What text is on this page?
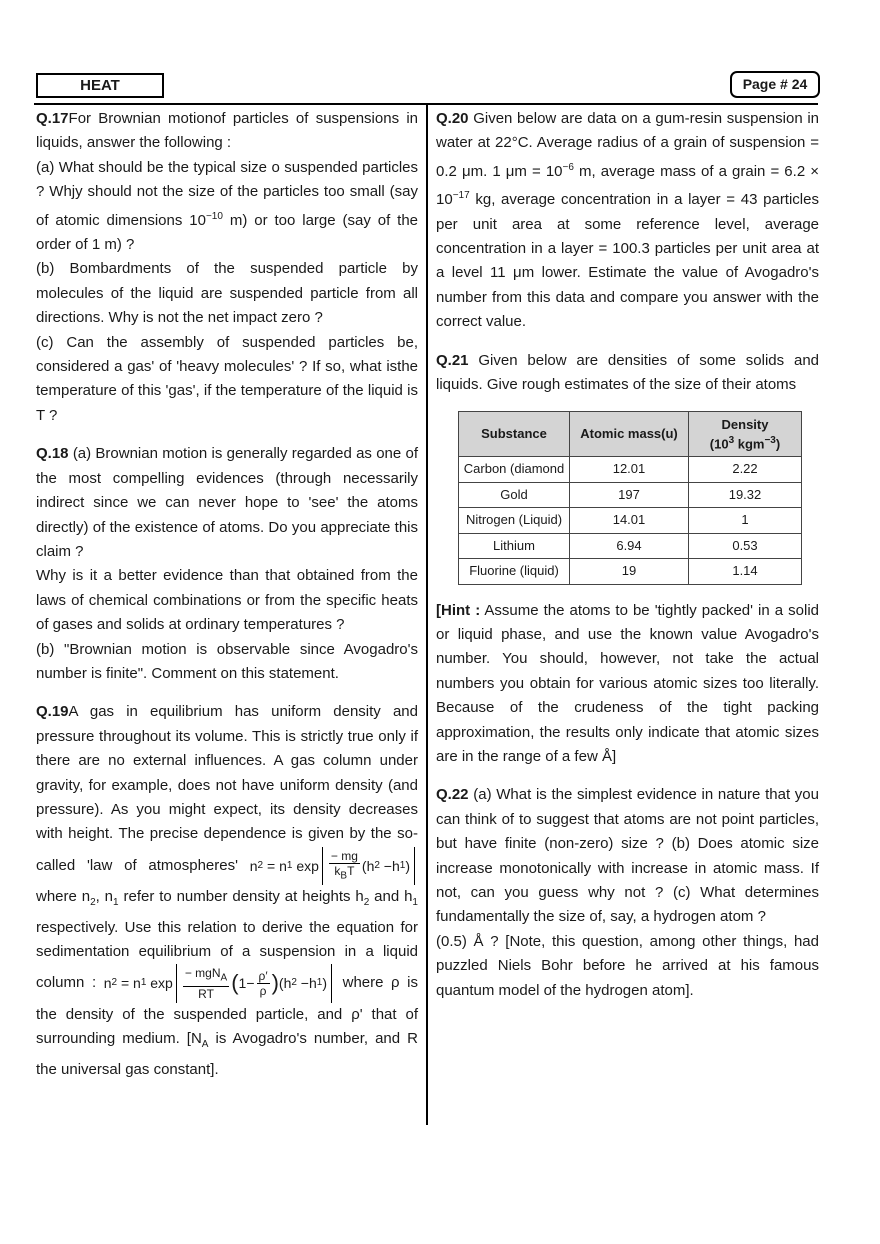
HEAT	Page # 24

Q.17For Brownian motionof particles of suspensions in liquids, answer the following :

(a) What should be the typical size o suspended particles ? Whjy should not the size of the particles too small (say of atomic dimensions $10^{-10}$ m) or too large (say of the order of 1 m) ?

(b) Bombardments of the suspended particle by molecules of the liquid are suspended particle from all directions. Why is not the net impact zero ?

(c) Can the assembly of suspended particles be, considered a gas' of 'heavy molecules' ? If so, what isthe temperature of this 'gas', if the temperature of the liquid is T ?

Q.18 (a) Brownian motion is generally regarded as one of the most compelling evidences (through necessarily indirect since we can never hope to 'see' the atoms directly) of the existence of atoms. Do you appreciate this claim ?

Why is it a better evidence than that obtained from the laws of chemical combinations or from the specific heats of gases and solids at ordinary temperatures ?

(b) "Brownian motion is observable since Avogadro's number is finite". Comment on this statement.

Q.19A gas in equilibrium has uniform density and pressure throughout its volume. This is strictly true only if there are no external influences. A gas column under gravity, for example, does not have uniform density (and pressure). As you might expect, its density decreases with height. The precise dependence is given by the so-called 'law of atmospheres' n 2
= n 1
$\exp \frac{- mg}{k_BT} (h$ 2 −h 1 )
where $n_2$, $n_1$ refer to number density at heights $h_2$ and $h_1$ respectively. Use this relation to derive the equation for sedimentation equilibrium of a suspension in a liquid column : n 2 = n 1 $\exp \frac{- mgN_A}{RT}$ ( $1- \frac{\rho'}{\rho}$ ) (h 2 −h 1 )	where ρ is the density of the suspended particle, and ρ' that of surrounding medium. [$N_A$ is Avogadro's number, and R the universal gas constant].

Q.20 Given below are data on a gum-resin suspension in water at 22°C. Average radius of a grain of suspension = 0.2 μm. 1 $\mu m = 10^{-6}$ m, average mass of a grain = $6.2 \times 10^{-17}$ kg, average concentration in a layer = 43 particles per unit area at some reference level, average concentration in a layer = 100.3 particles per unit area at a level 11 μm lower. Estimate the value of Avogadro's number from this data and compare you answer with the correct value.

Q.21 Given below are densities of some solids and liquids. Give rough estimates of the size of their atoms

Substance	Atomic mass(u)	Density
($10^3$ kgm$^{-3}$)
Carbon (diamond	12.01	2.22
Gold	197	19.32
Nitrogen (Liquid)	14.01	1
Lithium	6.94	0.53
Fluorine (liquid)	19	1.14

[Hint : Assume the atoms to be 'tightly packed' in a solid or liquid phase, and use the known value Avogadro's number. You should, however, not take the actual numbers you obtain for various atomic sizes too literally. Because of the crudeness of the tight packing approximation, the results only indicate that atomic sizes are in the range of a few Å]

Q.22 (a) What is the simplest evidence in nature that you can think of to suggest that atoms are not point particles, but have finite (non-zero) size ? (b) Does atomic size increase monotonically with increase in atomic mass. If not, can you guess why not ? (c) What determines fundamentally the size of, say, a hydrogen atom ?

(0.5) Å ? [Note, this question, among other things, had puzzled Niels Bohr before he arrived at his famous quantum model of the hydrogen atom].
